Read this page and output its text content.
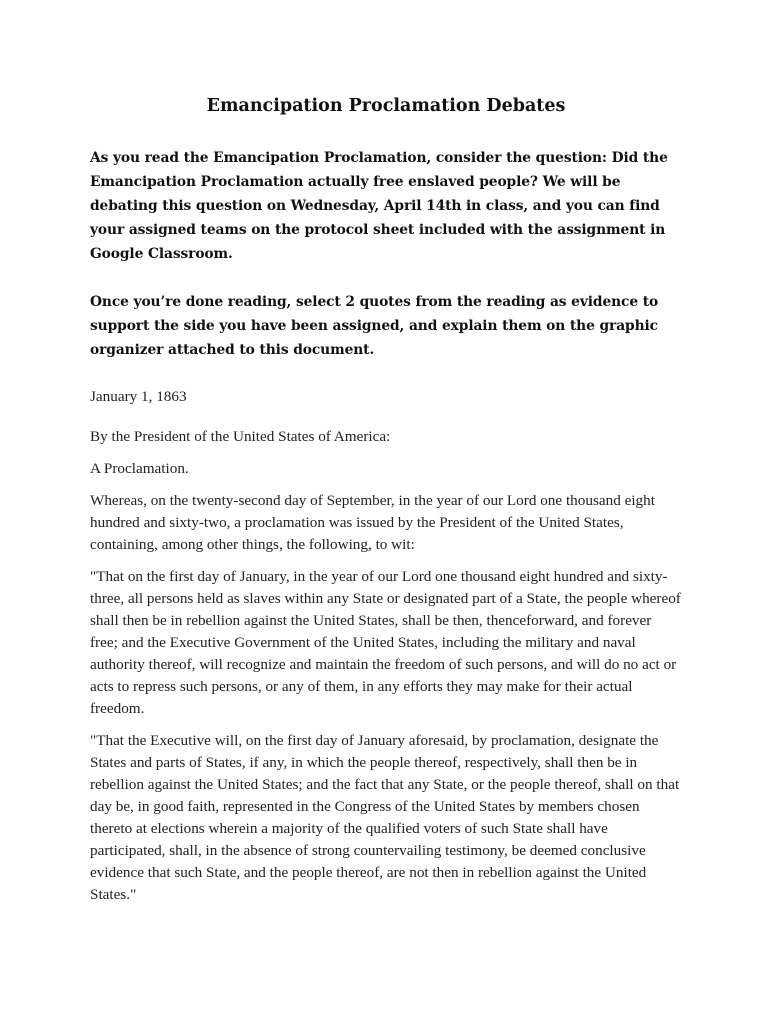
Emancipation Proclamation Debates

As you read the Emancipation Proclamation, consider the question: Did the Emancipation Proclamation actually free enslaved people? We will be debating this question on Wednesday, April 14th in class, and you can find your assigned teams on the protocol sheet included with the assignment in Google Classroom.

Once you’re done reading, select 2 quotes from the reading as evidence to support the side you have been assigned, and explain them on the graphic organizer attached to this document.

January 1, 1863

By the President of the United States of America:

A Proclamation.

Whereas, on the twenty-second day of September, in the year of our Lord one thousand eight hundred and sixty-two, a proclamation was issued by the President of the United States, containing, among other things, the following, to wit:

"That on the first day of January, in the year of our Lord one thousand eight hundred and sixty-three, all persons held as slaves within any State or designated part of a State, the people whereof shall then be in rebellion against the United States, shall be then, thenceforward, and forever free; and the Executive Government of the United States, including the military and naval authority thereof, will recognize and maintain the freedom of such persons, and will do no act or acts to repress such persons, or any of them, in any efforts they may make for their actual freedom.

"That the Executive will, on the first day of January aforesaid, by proclamation, designate the States and parts of States, if any, in which the people thereof, respectively, shall then be in rebellion against the United States; and the fact that any State, or the people thereof, shall on that day be, in good faith, represented in the Congress of the United States by members chosen thereto at elections wherein a majority of the qualified voters of such State shall have participated, shall, in the absence of strong countervailing testimony, be deemed conclusive evidence that such State, and the people thereof, are not then in rebellion against the United States."
